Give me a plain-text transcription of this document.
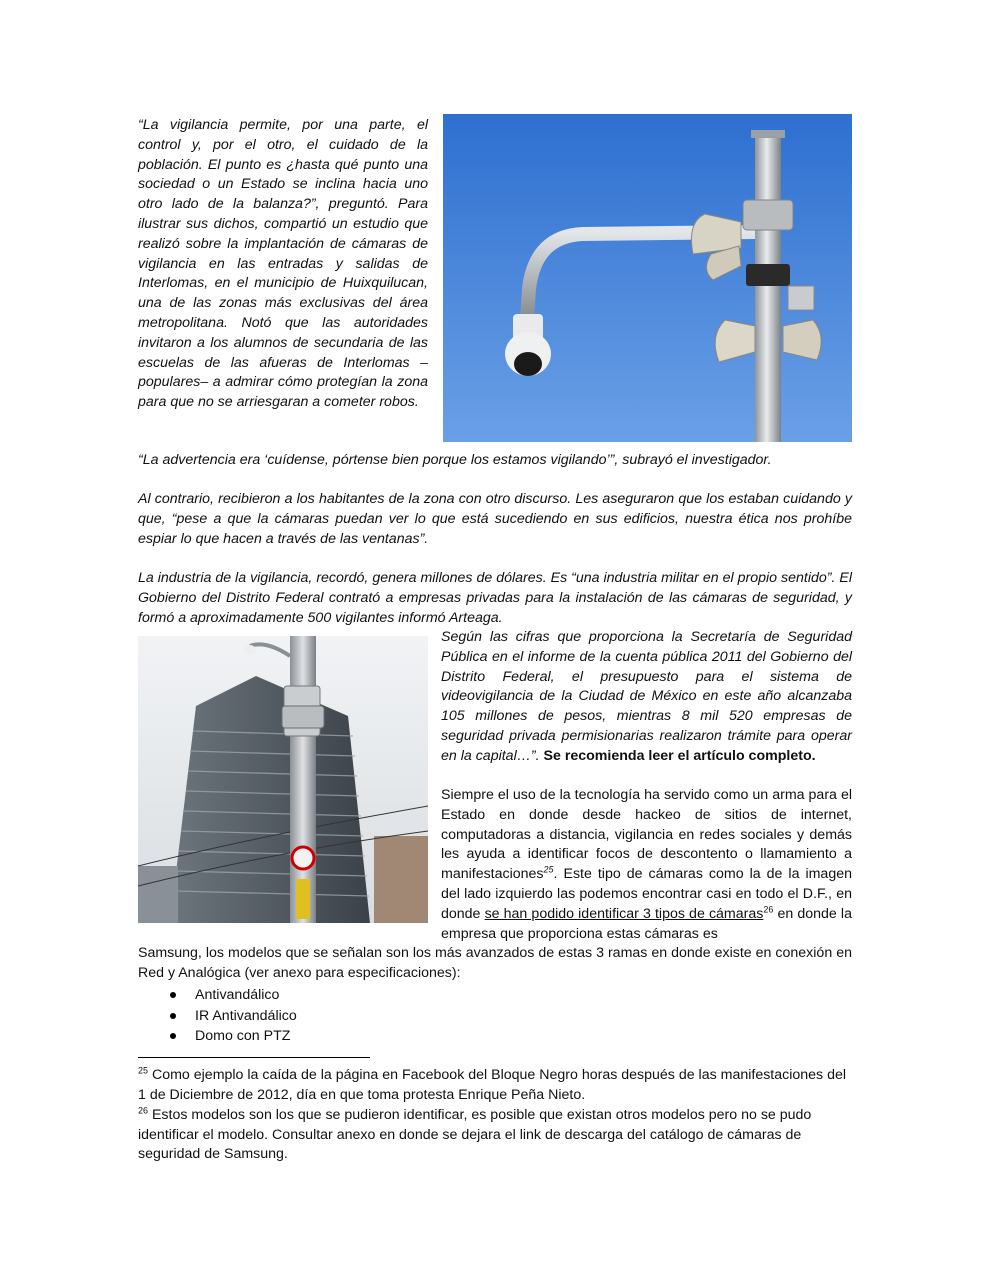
“La vigilancia permite, por una parte, el control y, por el otro, el cuidado de la población. El punto es ¿hasta qué punto una sociedad o un Estado se inclina hacia uno otro lado de la balanza?”, preguntó. Para ilustrar sus dichos, compartió un estudio que realizó sobre la implantación de cámaras de vigilancia en las entradas y salidas de Interlomas, en el municipio de Huixquilucan, una de las zonas más exclusivas del área metropolitana. Notó que las autoridades invitaron a los alumnos de secundaria de las escuelas de las afueras de Interlomas –populares– a admirar cómo protegían la zona para que no se arriesgaran a cometer robos.
“La advertencia era ‘cuídense, pórtense bien porque los estamos vigilando’”, subrayó el investigador.
Al contrario, recibieron a los habitantes de la zona con otro discurso. Les aseguraron que los estaban cuidando y que, “pese a que la cámaras puedan ver lo que está sucediendo en sus edificios, nuestra ética nos prohíbe espiar lo que hacen a través de las ventanas”.
La industria de la vigilancia, recordó, genera millones de dólares. Es “una industria militar en el propio sentido”. El Gobierno del Distrito Federal contrató a empresas privadas para la instalación de las cámaras de seguridad, y formó a aproximadamente 500 vigilantes informó Arteaga.
Según las cifras que proporciona la Secretaría de Seguridad Pública en el informe de la cuenta pública 2011 del Gobierno del Distrito Federal, el presupuesto para el sistema de videovigilancia de la Ciudad de México en este año alcanzaba 105 millones de pesos, mientras 8 mil 520 empresas de seguridad privada permisionarias realizaron trámite para operar en la capital…”. Se recomienda leer el artículo completo.
Siempre el uso de la tecnología ha servido como un arma para el Estado en donde desde hackeo de sitios de internet, computadoras a distancia, vigilancia en redes sociales y demás les ayuda a identificar focos de descontento o llamamiento a manifestaciones$^{25}$. Este tipo de cámaras como la de la imagen del lado izquierdo las podemos encontrar casi en todo el D.F., en donde se han podido identificar 3 tipos de cámaras$^{26}$ en donde la empresa que proporciona estas cámaras es
Samsung, los modelos que se señalan son los más avanzados de estas 3 ramas en donde existe en conexión en Red y Analógica (ver anexo para especificaciones):
Antivandálico
IR Antivandálico
Domo con PTZ
$^{25}$ Como ejemplo la caída de la página en Facebook del Bloque Negro horas después de las manifestaciones del 1 de Diciembre de 2012, día en que toma protesta Enrique Peña Nieto.
$^{26}$ Estos modelos son los que se pudieron identificar, es posible que existan otros modelos pero no se pudo identificar el modelo. Consultar anexo en donde se dejara el link de descarga del catálogo de cámaras de seguridad de Samsung.
